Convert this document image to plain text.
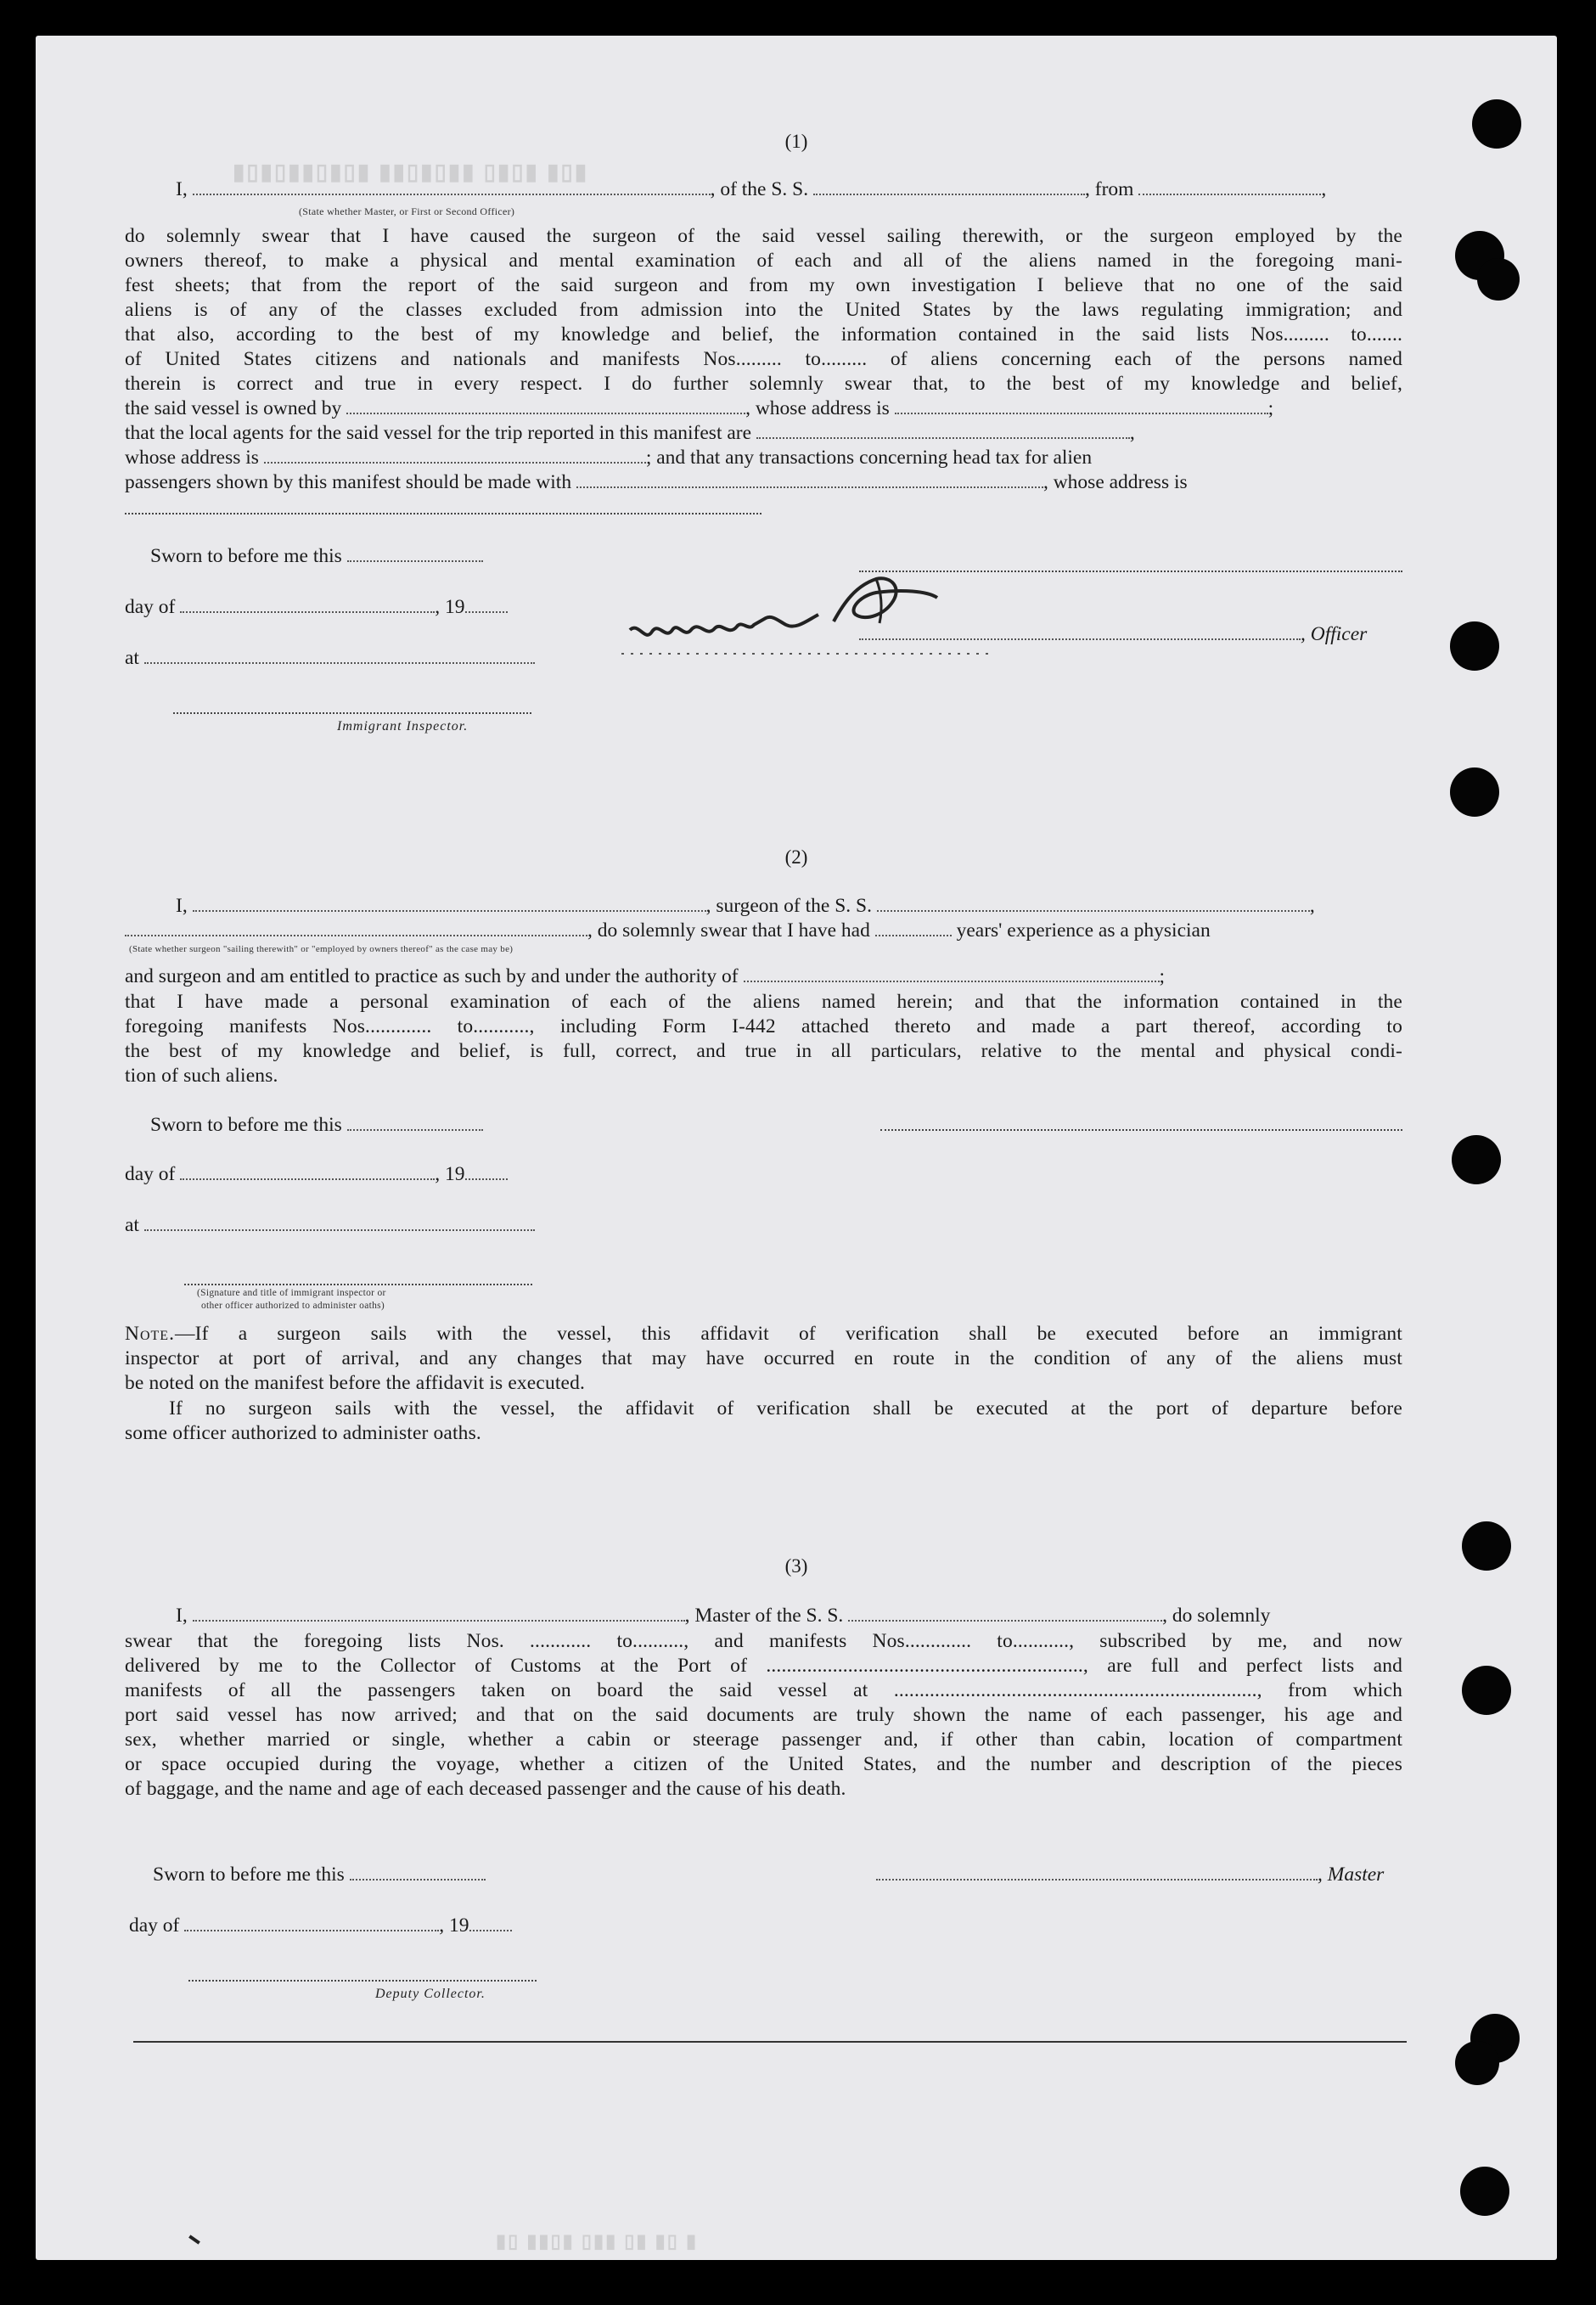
▮▯▮ ▮▯▮▯ ▮▮▯▮▯▮▮ ▮▯▮▯▮▮▯▮▯▮
▮ ▯▮ ▮▯ ▮▮▯ ▮▯▮▮ ▯▮
(1)
I,	, of the S. S.	, from	,
(State whether Master, or First or Second Officer)
do solemnly swear that I have caused the surgeon of the said vessel sailing therewith, or the surgeon employed by the
owners thereof, to make a physical and mental examination of each and all of the aliens named in the foregoing mani-
fest sheets; that from the report of the said surgeon and from my own investigation I believe that no one of the said
aliens is of any of the classes excluded from admission into the United States by the laws regulating immigration; and
that also, according to the best of my knowledge and belief, the information contained in the said lists Nos......... to.......
of United States citizens and nationals and manifests Nos......... to......... of aliens concerning each of the persons named
therein is correct and true in every respect. I do further solemnly swear that, to the best of my knowledge and belief,
the said vessel is owned by	, whose address is	;
that the local agents for the said vessel for the trip reported in this manifest are	,
whose address is	; and that any transactions concerning head tax for alien
passengers shown by this manifest should be made with	, whose address is
Sworn to before me this
day of	, 19
, Officer
at
Immigrant Inspector.
(2)
I,	, surgeon of the S. S.	,
, do solemnly swear that I have had	years' experience as a physician
(State whether surgeon "sailing therewith" or "employed by owners thereof" as the case may be)
and surgeon and am entitled to practice as such by and under the authority of	;
that I have made a personal examination of each of the aliens named herein; and that the information contained in the
foregoing manifests Nos............. to..........., including Form I-442 attached thereto and made a part thereof, according to
the best of my knowledge and belief, is full, correct, and true in all particulars, relative to the mental and physical condi-
tion of such aliens.
Sworn to before me this
day of	, 19
at
(Signature and title of immigrant inspector or
other officer authorized to administer oaths)
Note.—If a surgeon sails with the vessel, this affidavit of verification shall be executed before an immigrant
inspector at port of arrival, and any changes that may have occurred en route in the condition of any of the aliens must
be noted on the manifest before the affidavit is executed.
If no surgeon sails with the vessel, the affidavit of verification shall be executed at the port of departure before
some officer authorized to administer oaths.
(3)
I,	, Master of the S. S.	, do solemnly
swear that the foregoing lists Nos. ............ to.........., and manifests Nos............. to..........., subscribed by me, and now
delivered by me to the Collector of Customs at the Port of .............................................................., are full and perfect lists and
manifests of all the passengers taken on board the said vessel at ......................................................................., from which
port said vessel has now arrived; and that on the said documents are truly shown the name of each passenger, his age and
sex, whether married or single, whether a cabin or steerage passenger and, if other than cabin, location of compartment
or space occupied during the voyage, whether a citizen of the United States, and the number and description of the pieces
of baggage, and the name and age of each deceased passenger and the cause of his death.
Sworn to before me this	, Master
day of	, 19
Deputy Collector.
